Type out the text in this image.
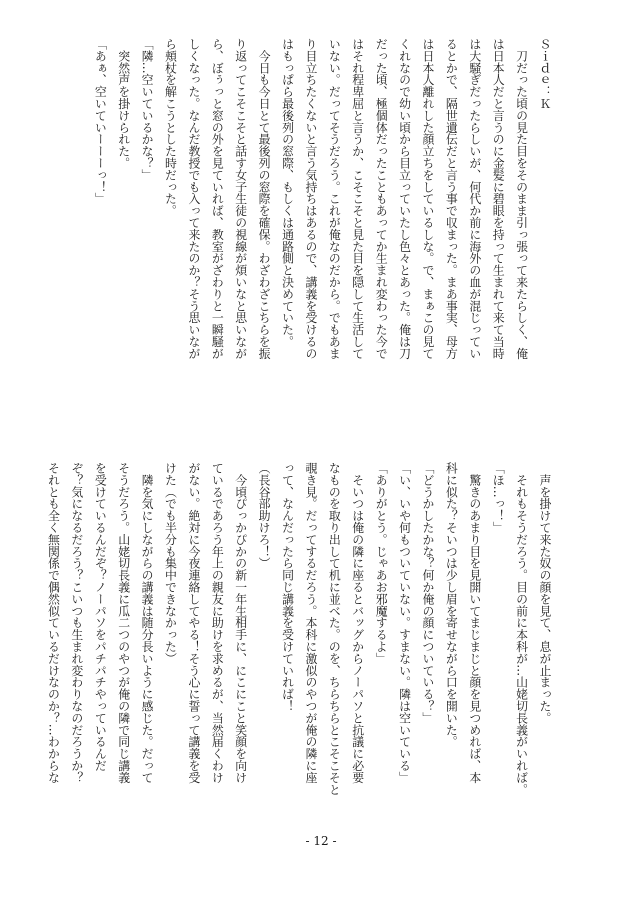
Ｓｉｄｅ：Ｋ
　刀だった頃の見た目をそのまま引っ張って来たらしく、俺
は日本人だと言うのに金髪に碧眼を持って生まれて来て当時
は大騒ぎだったらしいが、何代か前に海外の血が混じってい
るとかで、隔世遺伝だと言う事で収まった。まあ事実、母方
は日本人離れした顔立ちをしているしな。で、まぁこの見て
くれなので幼い頃から目立っていたし色々とあった。俺は刀
だった頃、極個体だったこともあってか生まれ変わった今で
はそれ程卑屈と言うか、こそこそと見た目を隠して生活して
いない。だってそうだろう。これが俺なのだから。でもあま
り目立ちたくないと言う気持ちはあるので、講義を受けるの
はもっぱら最後列の窓際、もしくは通路側と決めていた。
　今日も今日とて最後列の窓際を確保。わざわざこちらを振
り返ってこそこそと話す女子生徒の視線が煩いなと思いなが
ら、ぼぅっと窓の外を見ていれば、教室がざわりと一瞬騒が
しくなった。なんだ教授でも入って来たのか？そう思いなが
ら頬杖を解こうとした時だった。
「隣…空いているかな？」
　突然声を掛けられた。
「あぁ、空いていーーーっ！」
　声を掛けて来た奴の顔を見て、息が止まった。
　それもそうだろう。目の前に本科が…山姥切長義がいれば。
「ほ…っ！」
　驚きのあまり目を見開いてまじまじと顔を見つめれば、本
科に似た？そいつは少し眉を寄せながら口を開いた。
「どうかしたかな？何か俺の顔についている？」
「い、いや何もついていない。すまない。隣は空いている」
「ありがとう。じゃあお邪魔するよ」
　そいつは俺の隣に座るとバッグからノーパソと抗議に必要
なものを取り出して机に並べた。のを、ちらちらとこそこそと
覗き見。だってするだろう。本科に激似のやつが俺の隣に座
って、なんだったら同じ講義を受けていれば！
（長谷部助けろ！）
　今頃ぴっかぴかの新一年生相手に、にこにこと笑顔を向け
ているであろう年上の親友に助けを求めるが、当然届くわけ
がない。絶対に今夜連絡してやる！そう心に誓って講義を受
けた（でも半分も集中できなかった）
　隣を気にしながらの講義は随分長いように感じた。だって
そうだろう。山姥切長義に瓜二つのやつが俺の隣で同じ講義
を受けているんだぞ？ノーパソをパチパチやっているんだ
ぞ？気になるだろう？こいつも生まれ変わりなのだろうか？
それとも全く無関係で偶然似ているだけなのか？…わからな
- 12 -
